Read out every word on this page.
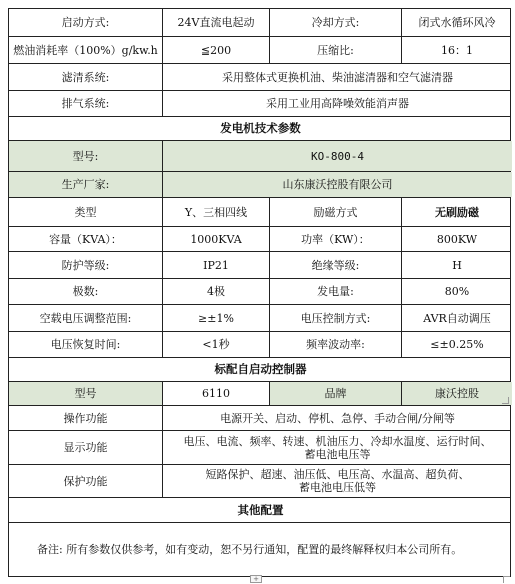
启动方式:	24V直流电起动	冷却方式:	闭式水循环风冷
燃油消耗率（100%）g/kw.h	≦200	压缩比:	16：1
滤清系统:	采用整体式更换机油、柴油滤清器和空气滤清器
排气系统:	采用工业用高降噪效能消声器
发电机技术参数
型号:	KO-800-4
生产厂家:	山东康沃控股有限公司
类型	Y、三相四线	励磁方式	无刷励磁
容量（KVA）：	1000KVA	功率（KW）：	800KW
防护等级:	IP21	绝缘等级:	H
极数:	4极	发电量:	80%
空载电压调整范围:	≥±1%	电压控制方式:	AVR自动调压
电压恢复时间:	<1秒	频率波动率:	≤±0.25%
标配自启动控制器
型号	6110	品牌	康沃控股
操作功能	电源开关、启动、停机、急停、手动合闸/分闸等
显示功能	电压、电流、频率、转速、机油压力、冷却水温度、运行时间、
蓄电池电压等
保护功能	短路保护、超速、油压低、电压高、水温高、超负荷、
蓄电池电压低等
其他配置
备注: 所有参数仅供参考，如有变动，恕不另行通知，配置的最终解释权归本公司所有。
+
